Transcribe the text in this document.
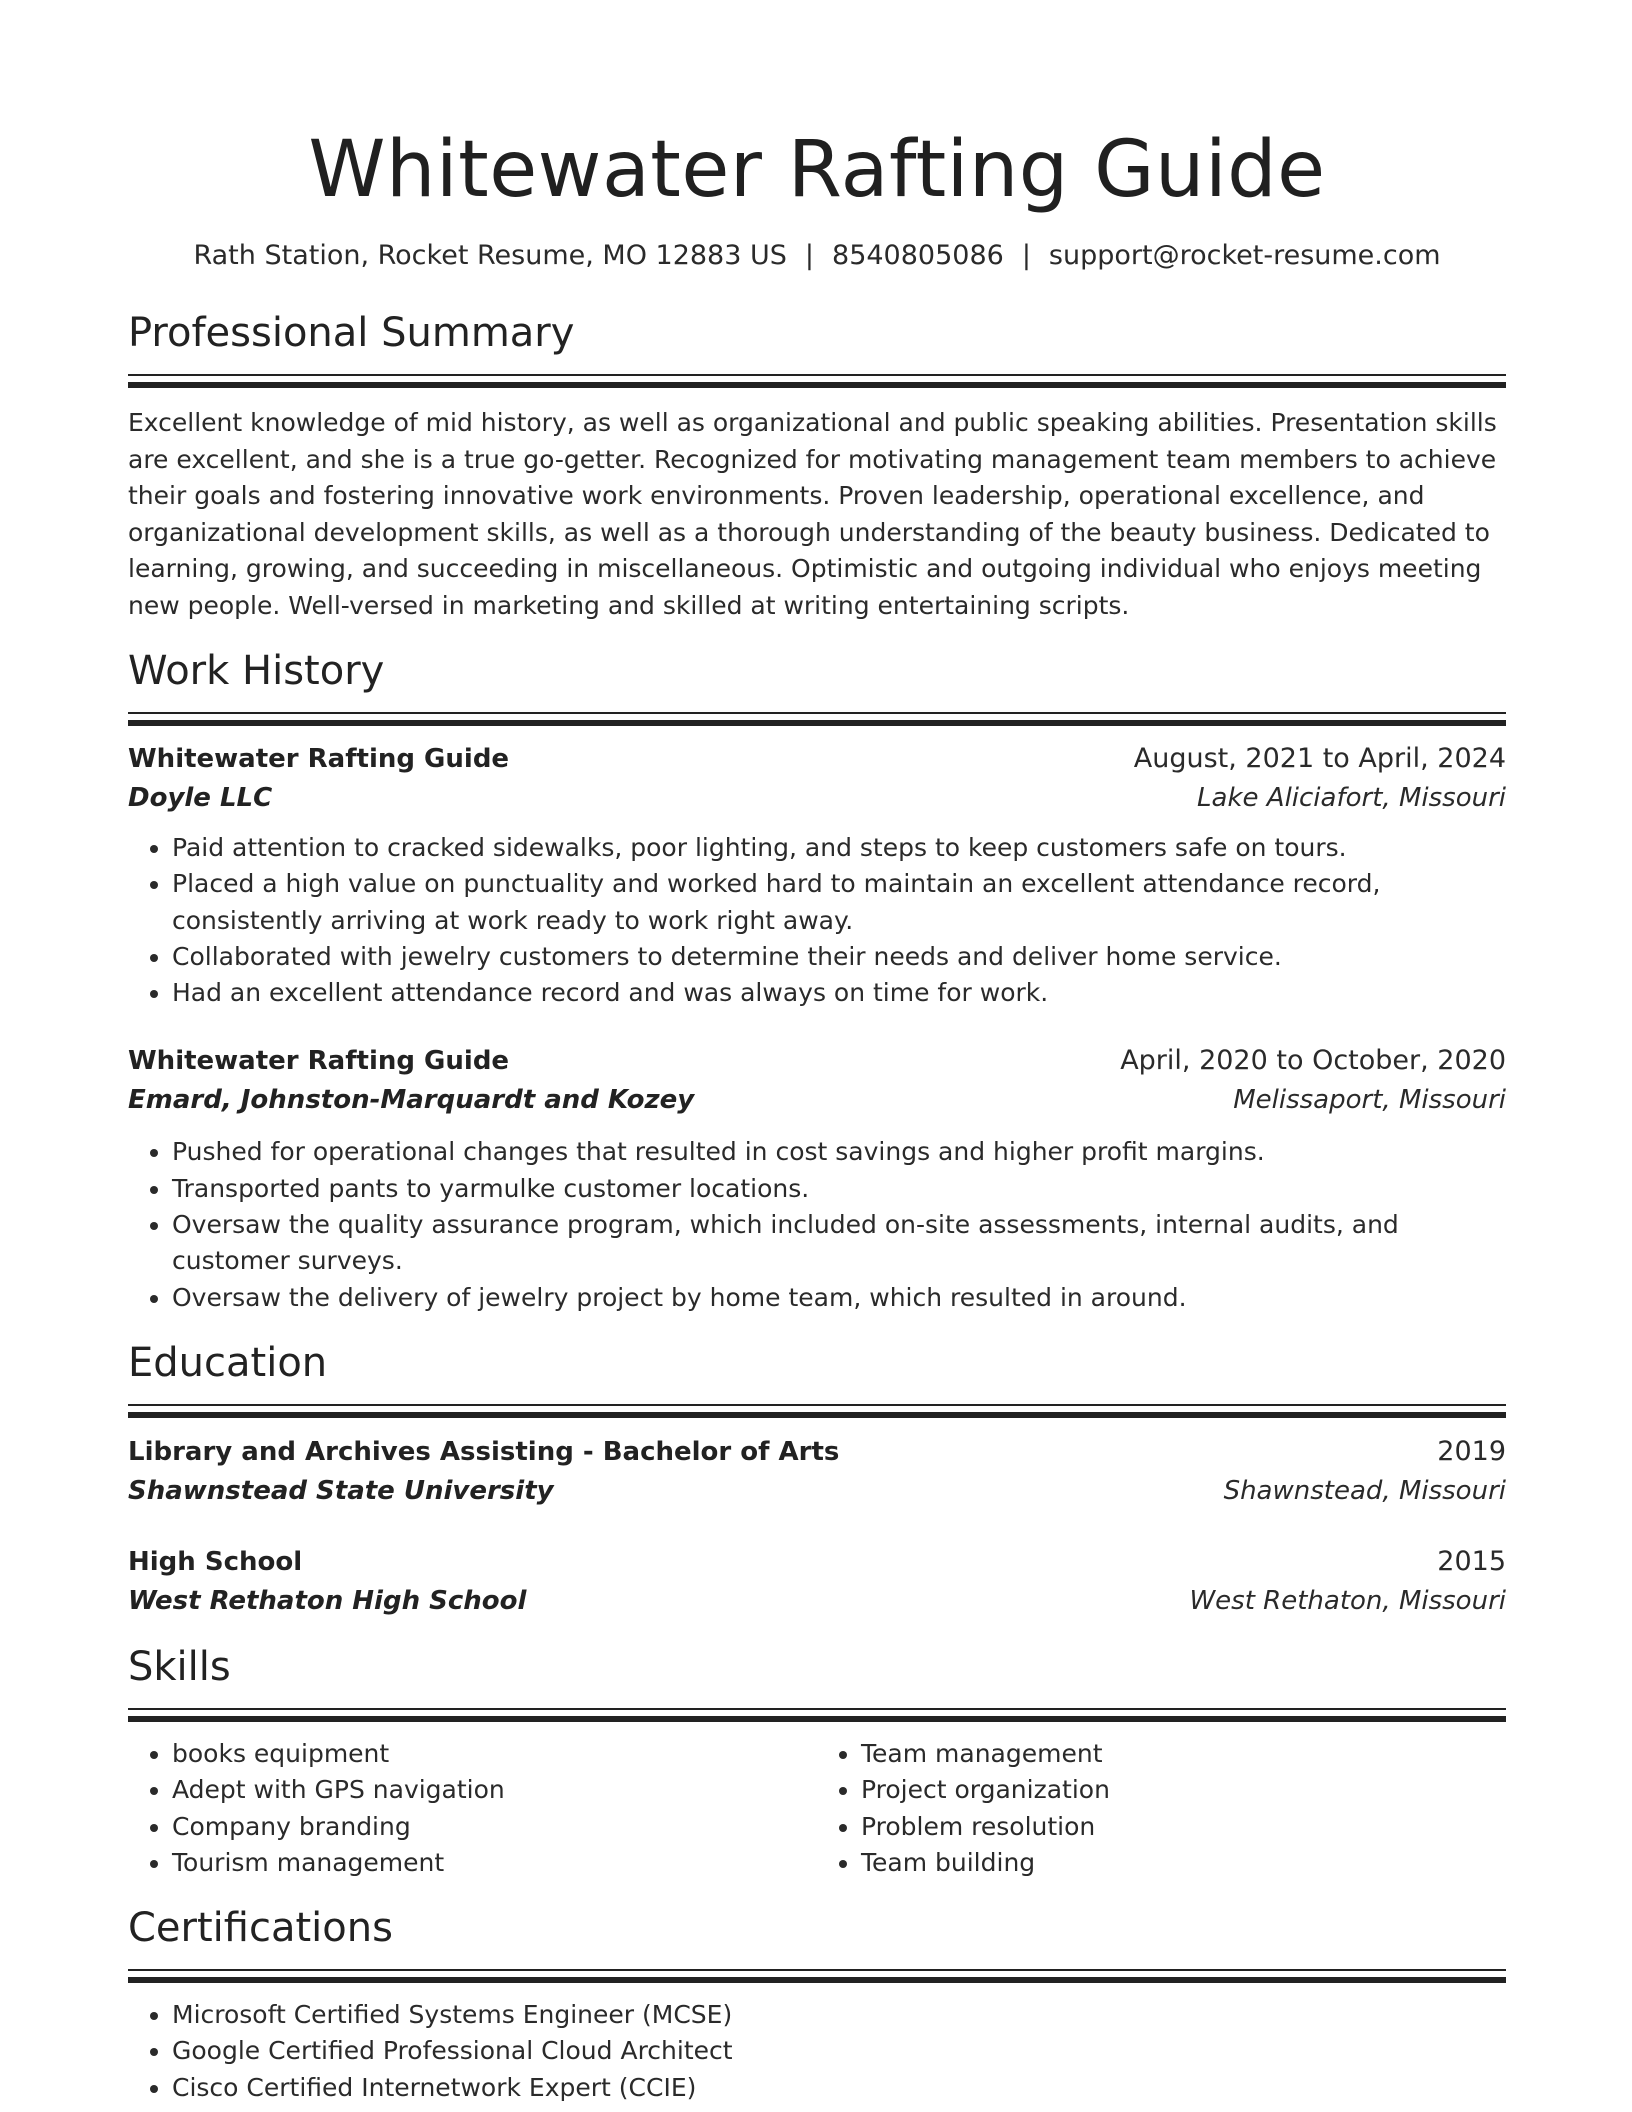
Whitewater Rafting Guide
Rath Station, Rocket Resume, MO 12883 US | 8540805086 | support@rocket-resume.com
Professional Summary

Excellent knowledge of mid history, as well as organizational and public speaking abilities. Presentation skills are excellent, and she is a true go-getter. Recognized for motivating management team members to achieve their goals and fostering innovative work environments. Proven leadership, operational excellence, and organizational development skills, as well as a thorough understanding of the beauty business. Dedicated to learning, growing, and succeeding in miscellaneous. Optimistic and outgoing individual who enjoys meeting new people. Well-versed in marketing and skilled at writing entertaining scripts.

Work History
Whitewater Rafting Guide	August, 2021 to April, 2024
Doyle LLC	Lake Aliciafort, Missouri
• Paid attention to cracked sidewalks, poor lighting, and steps to keep customers safe on tours.
• Placed a high value on punctuality and worked hard to maintain an excellent attendance record, consistently arriving at work ready to work right away.
• Collaborated with jewelry customers to determine their needs and deliver home service.
• Had an excellent attendance record and was always on time for work.
Whitewater Rafting Guide	April, 2020 to October, 2020
Emard, Johnston-Marquardt and Kozey	Melissaport, Missouri
• Pushed for operational changes that resulted in cost savings and higher profit margins.
• Transported pants to yarmulke customer locations.
• Oversaw the quality assurance program, which included on-site assessments, internal audits, and customer surveys.
• Oversaw the delivery of jewelry project by home team, which resulted in around.
Education
Library and Archives Assisting - Bachelor of Arts	2019
Shawnstead State University	Shawnstead, Missouri
High School	2015
West Rethaton High School	West Rethaton, Missouri
Skills
• books equipment
• Adept with GPS navigation
• Company branding
• Tourism management
• Team management
• Project organization
• Problem resolution
• Team building
Certifications
• Microsoft Certified Systems Engineer (MCSE)
• Google Certified Professional Cloud Architect
• Cisco Certified Internetwork Expert (CCIE)
